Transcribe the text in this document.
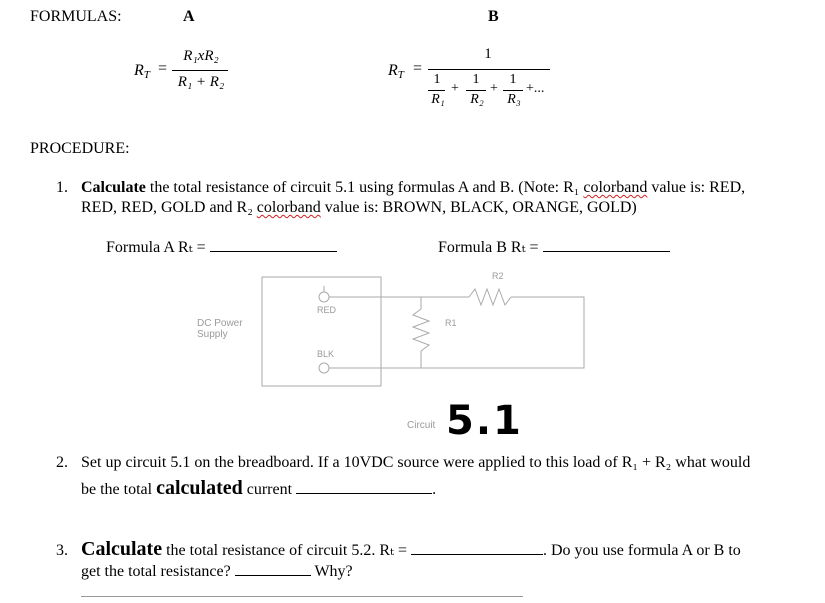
FORMULAS:	A	B
RT =
R₁xR₂
R₁ + R₂
RT =
1
1
R₁
+
1
R₂
+
1
R₃
+...
PROCEDURE:
1. Calculate the total resistance of circuit 5.1 using formulas A and B. (Note: R₁ colorband value is: RED,
RED, RED, GOLD and R₂ colorband value is: BROWN, BLACK, ORANGE, GOLD)
Formula A Rₜ =	Formula B Rₜ =
R2
RED
R1
DC Power
Supply
BLK
Circuit 5.1
2. Set up circuit 5.1 on the breadboard. If a 10VDC source were applied to this load of R₁ + R₂ what would
be the total calculated current	.
3. Calculate the total resistance of circuit 5.2. Rₜ =	. Do you use formula A or B to
get the total resistance?	Why?
